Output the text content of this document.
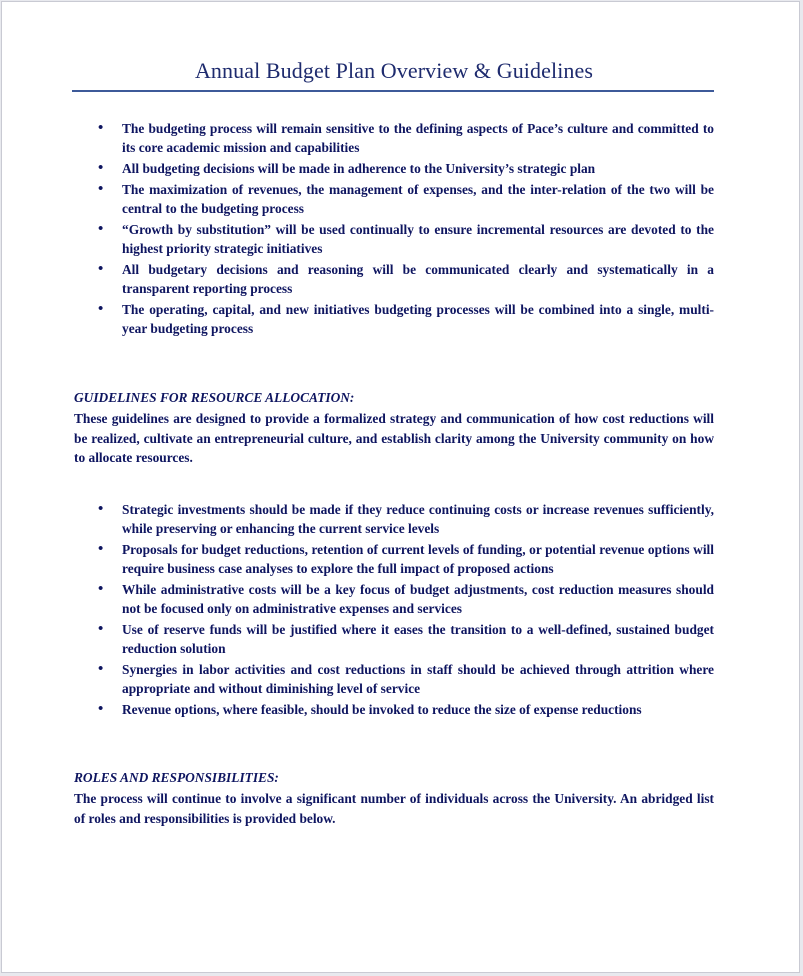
Annual Budget Plan Overview & Guidelines
• The budgeting process will remain sensitive to the defining aspects of Pace’s culture and committed to its core academic mission and capabilities
• All budgeting decisions will be made in adherence to the University’s strategic plan
• The maximization of revenues, the management of expenses, and the inter-relation of the two will be central to the budgeting process
• “Growth by substitution” will be used continually to ensure incremental resources are devoted to the highest priority strategic initiatives
• All budgetary decisions and reasoning will be communicated clearly and systematically in a transparent reporting process
• The operating, capital, and new initiatives budgeting processes will be combined into a single, multi-year budgeting process
GUIDELINES FOR RESOURCE ALLOCATION:
These guidelines are designed to provide a formalized strategy and communication of how cost reductions will be realized, cultivate an entrepreneurial culture, and establish clarity among the University community on how to allocate resources.
• Strategic investments should be made if they reduce continuing costs or increase revenues sufficiently, while preserving or enhancing the current service levels
• Proposals for budget reductions, retention of current levels of funding, or potential revenue options will require business case analyses to explore the full impact of proposed actions
• While administrative costs will be a key focus of budget adjustments, cost reduction measures should not be focused only on administrative expenses and services
• Use of reserve funds will be justified where it eases the transition to a well-defined, sustained budget reduction solution
• Synergies in labor activities and cost reductions in staff should be achieved through attrition where appropriate and without diminishing level of service
• Revenue options, where feasible, should be invoked to reduce the size of expense reductions
ROLES AND RESPONSIBILITIES:
The process will continue to involve a significant number of individuals across the University. An abridged list of roles and responsibilities is provided below.
